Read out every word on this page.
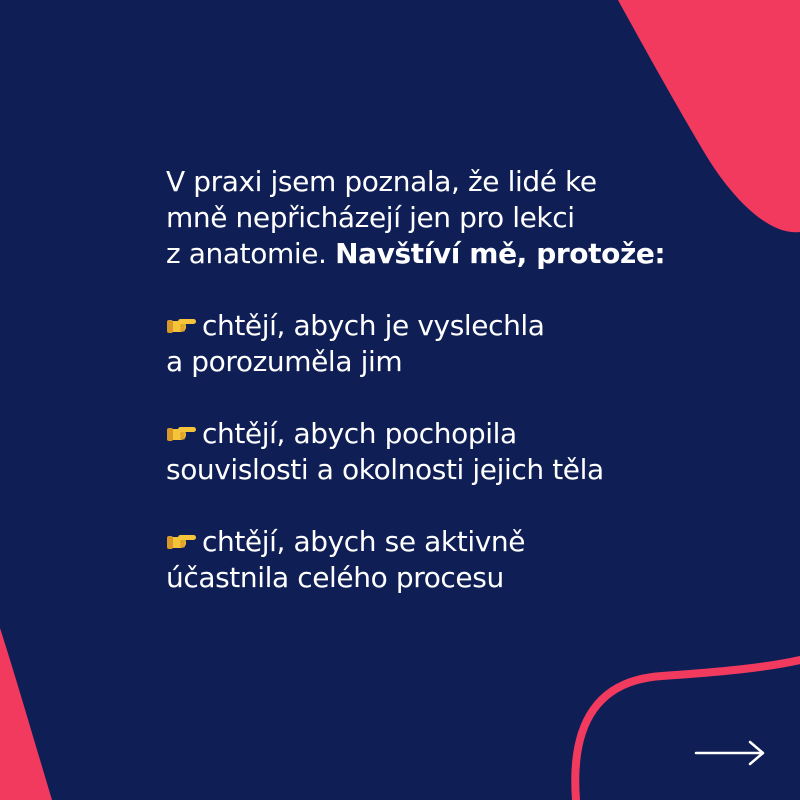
V praxi jsem poznala, že lidé ke
mně nepřicházejí jen pro lekci
z anatomie. Navštíví mě, protože:
chtějí, abych je vyslechla
a porozuměla jim
chtějí, abych pochopila
souvislosti a okolnosti jejich těla
chtějí, abych se aktivně
účastnila celého procesu
